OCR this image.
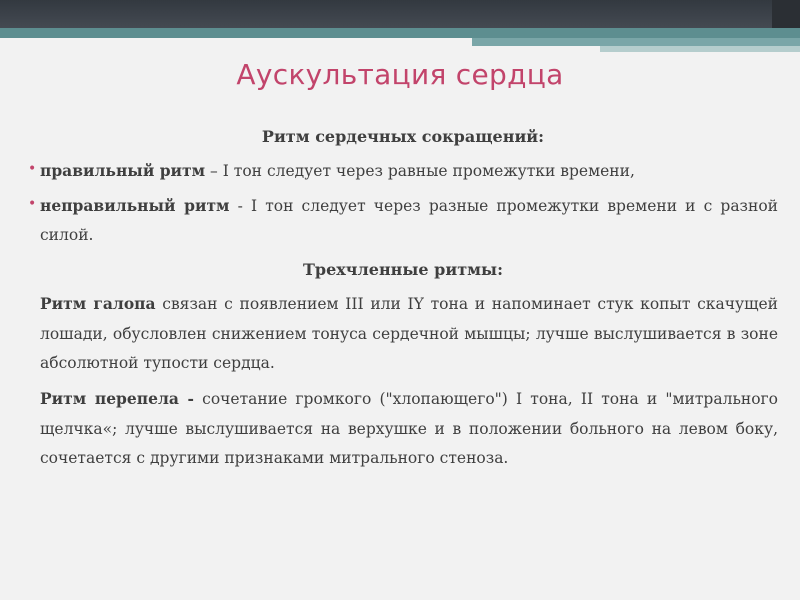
Аускультация сердца
Ритм сердечных сокращений:
• правильный ритм – I тон следует через равные промежутки времени,
• неправильный ритм - I тон следует через разные промежутки времени и с разной силой.
Трехчленные ритмы:
Ритм галопа связан с появлением III или IY тона и напоминает стук копыт скачущей лошади, обусловлен снижением тонуса сердечной мышцы; лучше выслушивается в зоне абсолютной тупости сердца.
Ритм перепела - сочетание громкого ("хлопающего") I тона, II тона и "митрального щелчка«; лучше выслушивается на верхушке и в положении больного на левом боку, сочетается с другими признаками митрального стеноза.
